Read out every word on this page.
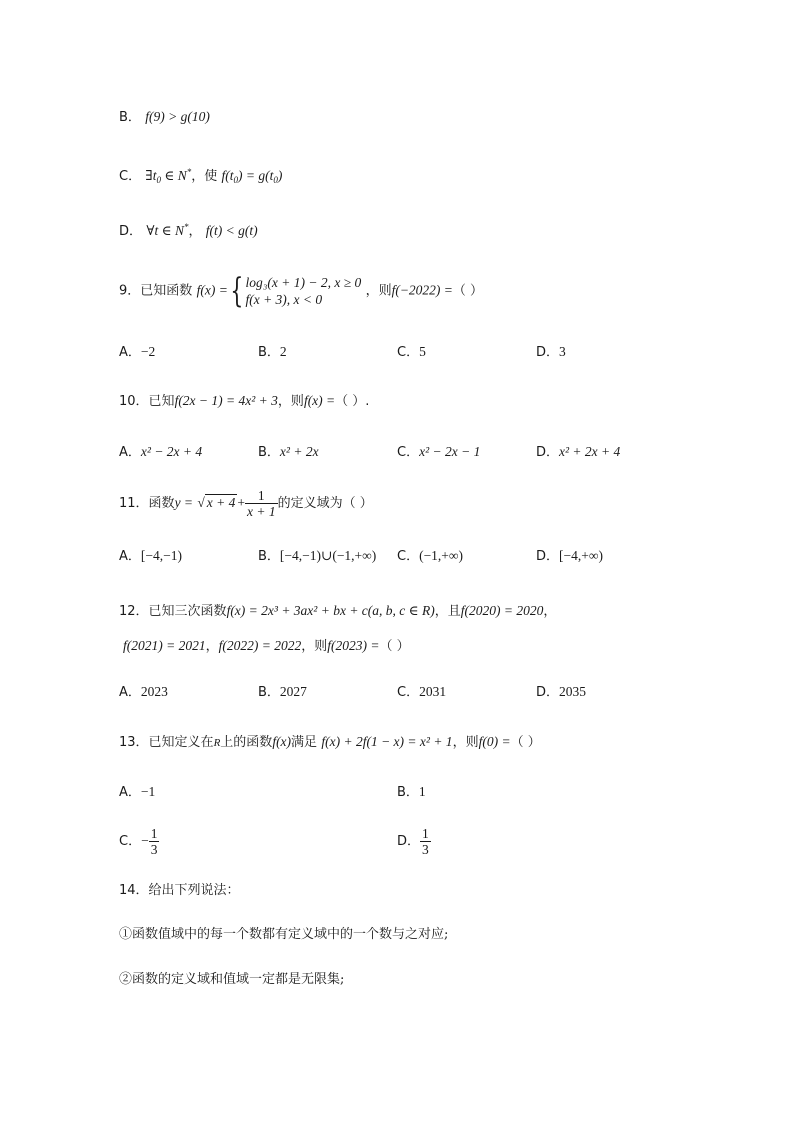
B． f(9) > g(10)
C． $\exists t_0$ ∈ N*，使 $f(t_0) = g(t_0)$
D． ∀t ∈ N*， f(t) < g(t)
9．已知函数 f(x) ={ log₃(x + 1) − 2, x ≥ 0
f(x + 3), x < 0
，则f(−2022) =（ ）
A．−2	B．2	C．5	D．3
10．已知f(2x − 1) = 4x² + 3，则f(x) =（ ）.
A．x² − 2x + 4	B．x² + 2x	C．x² − 2x − 1	D．x² + 2x + 4
11．函数y = √ $x + 4 + \frac{1}{x + 1}$ 的定义域为（ ）
A．[−4,−1)	B．[−4,−1)∪(−1,+∞) C．(−1,+∞)	D．[−4,+∞)
12．已知三次函数f(x) = 2x³ + 3ax² + bx + c(a, b, c ∈ R)，且f(2020) = 2020，
f(2021) = 2021，f(2022) = 2022，则f(2023) =（ ）
A．2023	B．2027	C．2031	D．2035
13．已知定义在R上的函数f(x)满足 f(x) + 2f(1 − x) = x² + 1，则f(0) =（ ）
A．−1	B．1
C．− $\frac{1}{3}$	D． $\frac{1}{3}$
14．给出下列说法：
①函数值域中的每一个数都有定义域中的一个数与之对应;
②函数的定义域和值域一定都是无限集;
